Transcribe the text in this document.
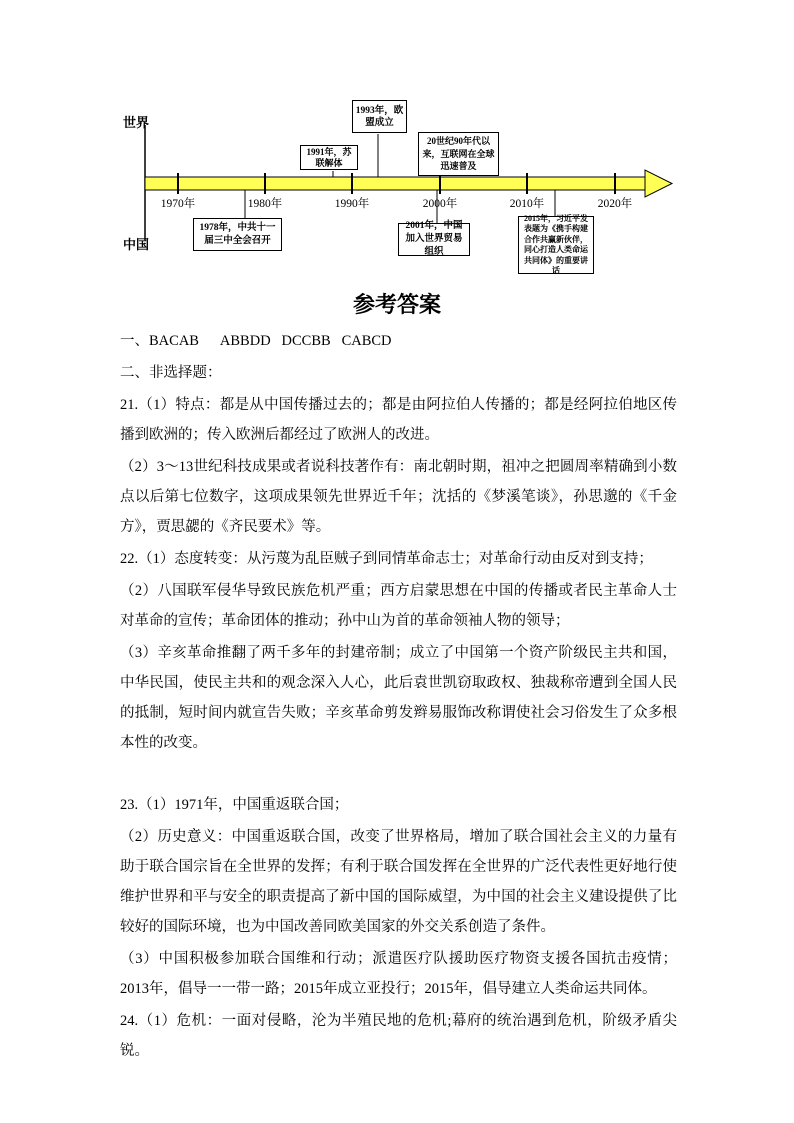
世界
中国
1970年	1980年	1990年	2000年	2010年	2020年
1991年，苏联解体
1993年，欧盟成立
20世纪90年代以来，互联网在全球迅速普及
1978年，中共十一届三中全会召开
2001年，中国加入世界贸易组织
2015年，习近平发表题为《携手构建合作共赢新伙伴，同心打造人类命运共同体》的重要讲话
参考答案

一、BACAB      ABBDD   DCCBB   CABCD

二、非选择题：

21.（1）特点：都是从中国传播过去的；都是由阿拉伯人传播的；都是经阿拉伯地区传播到欧洲的；传入欧洲后都经过了欧洲人的改进。

（2）3～13世纪科技成果或者说科技著作有：南北朝时期，祖冲之把圆周率精确到小数点以后第七位数字，这项成果领先世界近千年；沈括的《梦溪笔谈》，孙思邈的《千金方》，贾思勰的《齐民要术》等。

22.（1）态度转变：从污蔑为乱臣贼子到同情革命志士；对革命行动由反对到支持；

（2）八国联军侵华导致民族危机严重；西方启蒙思想在中国的传播或者民主革命人士对革命的宣传；革命团体的推动；孙中山为首的革命领袖人物的领导；

（3）辛亥革命推翻了两千多年的封建帝制；成立了中国第一个资产阶级民主共和国，中华民国，使民主共和的观念深入人心，此后袁世凯窃取政权、独裁称帝遭到全国人民的抵制，短时间内就宣告失败；辛亥革命剪发辫易服饰改称谓使社会习俗发生了众多根本性的改变。

23.（1）1971年，中国重返联合国；

（2）历史意义：中国重返联合国，改变了世界格局，增加了联合国社会主义的力量有助于联合国宗旨在全世界的发挥；有利于联合国发挥在全世界的广泛代表性更好地行使维护世界和平与安全的职责提高了新中国的国际威望，为中国的社会主义建设提供了比较好的国际环境，也为中国改善同欧美国家的外交关系创造了条件。

（3）中国积极参加联合国维和行动；派遣医疗队援助医疗物资支援各国抗击疫情；2013年，倡导一一带一路；2015年成立亚投行；2015年，倡导建立人类命运共同体。

24.（1）危机：一面对侵略，沦为半殖民地的危机;幕府的统治遇到危机，阶级矛盾尖锐。
